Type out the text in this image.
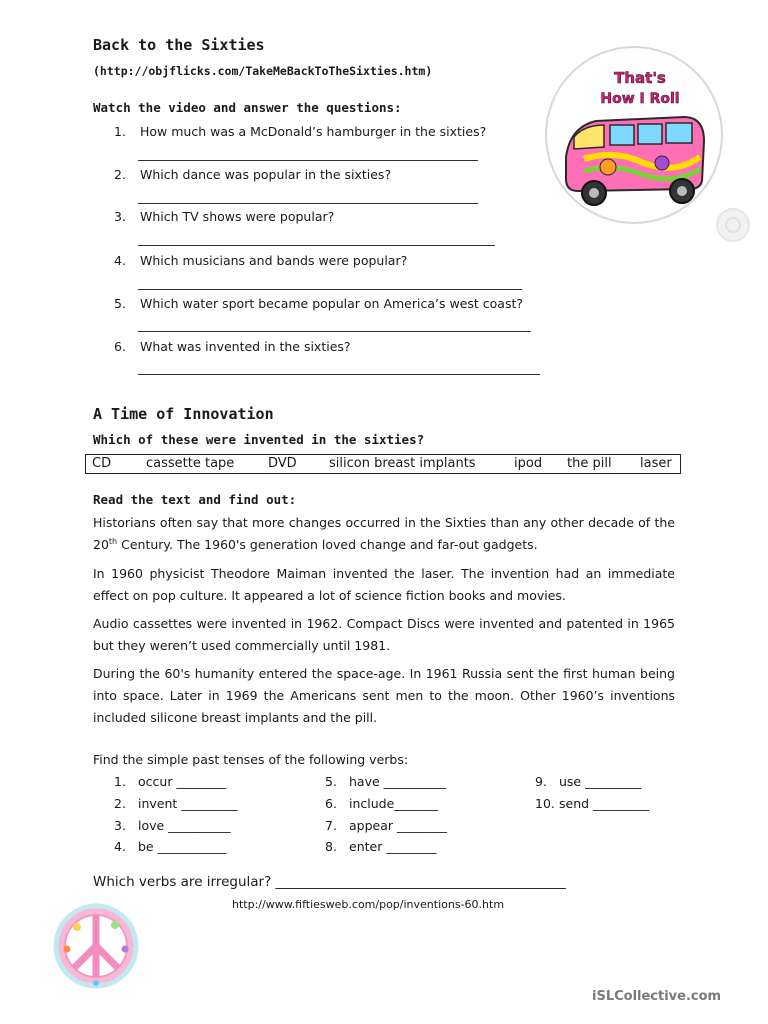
Back to the Sixties
(http://objflicks.com/TakeMeBackToTheSixties.htm)
Watch the video and answer the questions:
That's
How I Roll
1. How much was a McDonald’s hamburger in the sixties?
2. Which dance was popular in the sixties?
3. Which TV shows were popular?
4. Which musicians and bands were popular?
5. Which water sport became popular on America’s west coast?
6. What was invented in the sixties?
A Time of Innovation
Which of these were invented in the sixties?
CD	cassette tape	DVD silicon breast implants	ipod the pill laser
Read the text and find out:
Historians often say that more changes occurred in the Sixties than any other decade of the 20th Century. The 1960's generation loved change and far-out gadgets.
In 1960 physicist Theodore Maiman invented the laser. The invention had an immediate effect on pop culture. It appeared a lot of science fiction books and movies.
Audio cassettes were invented in 1962. Compact Discs were invented and patented in 1965 but they weren’t used commercially until 1981.
During the 60's humanity entered the space-age. In 1961 Russia sent the first human being into space. Later in 1969 the Americans sent men to the moon. Other 1960’s inventions included silicone breast implants and the pill.
Find the simple past tenses of the following verbs:
1. occur ________
2. invent _________
3. love __________
4. be ___________
5. have __________
6. include_______
7. appear ________
8. enter ________
9. use _________
10. send _________
Which verbs are irregular? ___________________________________________
http://www.fiftiesweb.com/pop/inventions-60.htm
iSLCollective.com
